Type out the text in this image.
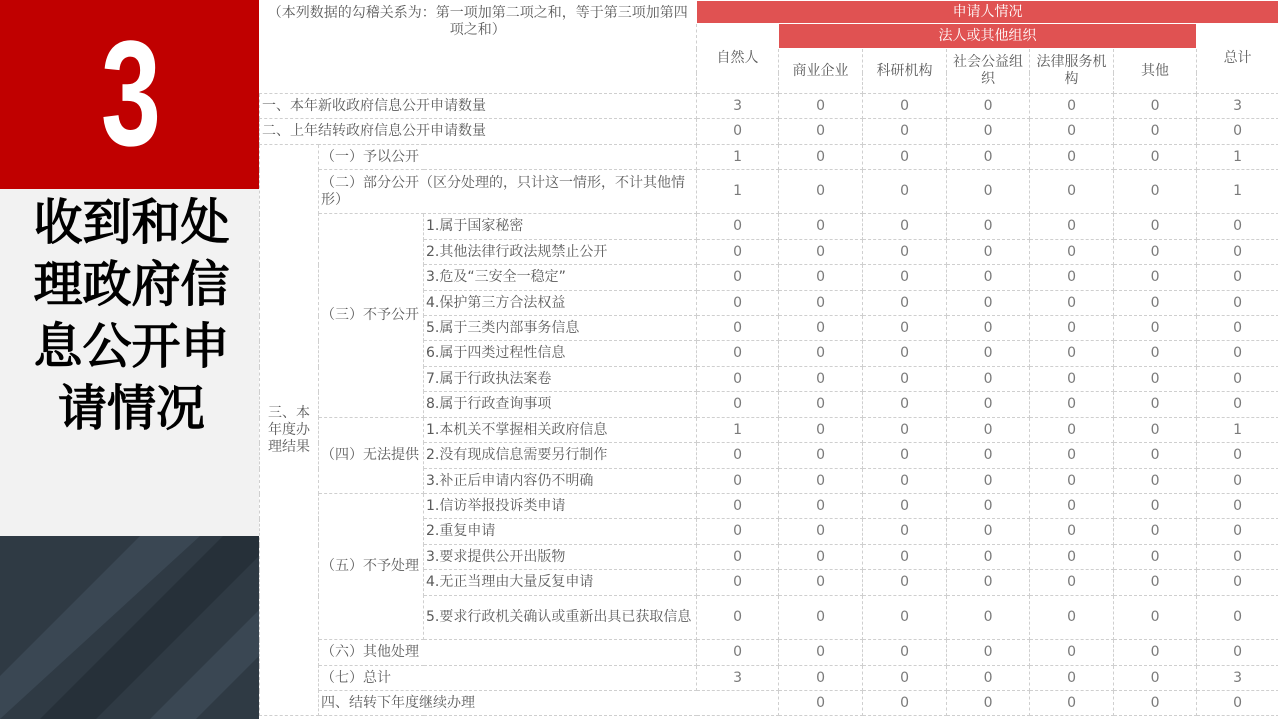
3
收到和处理政府信息公开申请情况
（本列数据的勾稽关系为：第一项加第二项之和，等于第三项加第四项之和）			申请人情况							
			自然人	法人或其他组织					总计	
				商业企业	科研机构	社会公益组织	法律服务机构	其他		

一、本年新收政府信息公开申请数量			3	0	0	0	0	0	3	
二、上年结转政府信息公开申请数量			0	0	0	0	0	0	0	
三、本年度办理结果	（一）予以公开		1	0	0	0	0	0	1	
	（二）部分公开（区分处理的，只计这一情形，不计其他情形）		1	0	0	0	0	0	1	
	（三）不予公开	1.属于国家秘密	0	0	0	0	0	0	0	
		2.其他法律行政法规禁止公开	0	0	0	0	0	0	0	
		3.危及“三安全一稳定”	0	0	0	0	0	0	0	
		4.保护第三方合法权益	0	0	0	0	0	0	0	
		5.属于三类内部事务信息	0	0	0	0	0	0	0	
		6.属于四类过程性信息	0	0	0	0	0	0	0	
		7.属于行政执法案卷	0	0	0	0	0	0	0	
		8.属于行政查询事项	0	0	0	0	0	0	0	
	（四）无法提供	1.本机关不掌握相关政府信息	1	0	0	0	0	0	1	
		2.没有现成信息需要另行制作	0	0	0	0	0	0	0	
		3.补正后申请内容仍不明确	0	0	0	0	0	0	0	
	（五）不予处理	1.信访举报投诉类申请	0	0	0	0	0	0	0	
		2.重复申请	0	0	0	0	0	0	0	
		3.要求提供公开出版物	0	0	0	0	0	0	0	
		4.无正当理由大量反复申请	0	0	0	0	0	0	0	
		5.要求行政机关确认或重新出具已获取信息	0	0	0	0	0	0	0	
	（六）其他处理		0	0	0	0	0	0	0	
	（七）总计		3	0	0	0	0	0	3	
	四、结转下年度继续办理			0	0	0	0	0	0	
